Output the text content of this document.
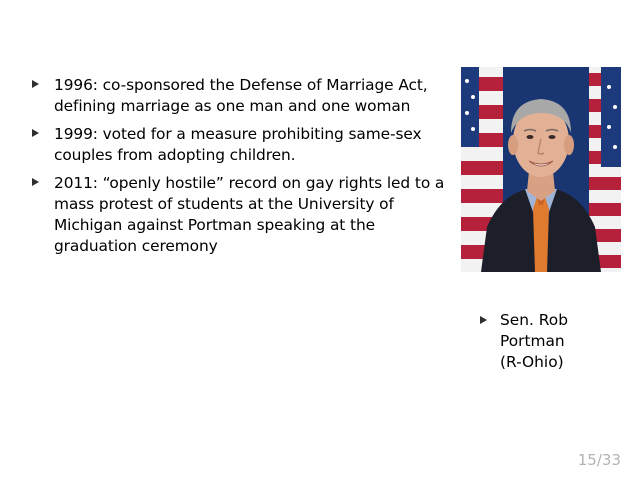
1996: co-sponsored the Defense of Marriage Act, defining marriage as one man and one woman
1999: voted for a measure prohibiting same-sex couples from adopting children.
2011: “openly hostile” record on gay rights led to a mass protest of students at the University of Michigan against Portman speaking at the graduation ceremony
Sen. Rob
Portman
(R-Ohio)
15/33
